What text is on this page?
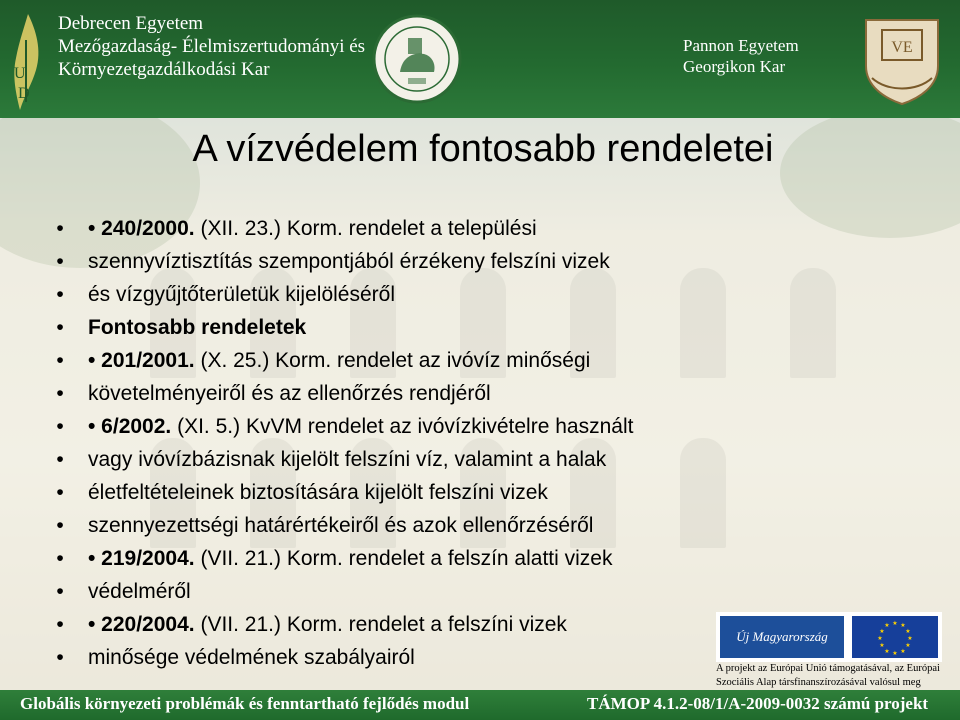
U
D
Debrecen Egyetem
Mezőgazdaság- Élelmiszertudományi és
Környezetgazdálkodási Kar
Pannon Egyetem
Georgikon Kar
VE
A vízvédelem fontosabb rendeletei
•	• 240/2000. (XII. 23.) Korm. rendelet a települési
•	szennyvíztisztítás szempontjából érzékeny felszíni vizek
•	és vízgyűjtőterületük kijelöléséről
•	Fontosabb rendeletek
•	• 201/2001. (X. 25.) Korm. rendelet az ivóvíz minőségi
•	követelményeiről és az ellenőrzés rendjéről
•	• 6/2002. (XI. 5.) KvVM rendelet az ivóvízkivételre használt
•	vagy ivóvízbázisnak kijelölt felszíni víz, valamint a halak
•	életfeltételeinek biztosítására kijelölt felszíni vizek
•	szennyezettségi határértékeiről és azok ellenőrzéséről
•	• 219/2004. (VII. 21.) Korm. rendelet a felszín alatti vizek
•	védelméről
•	• 220/2004. (VII. 21.) Korm. rendelet a felszíni vizek
•	minősége védelmének szabályairól
Új Magyarország
★ ★
★
★
★
★
★
★
★
★
★
★
A projekt az Európai Unió támogatásával, az Európai
Szociális Alap társfinanszírozásával valósul meg
Globális környezeti problémák és fenntartható fejlődés modul	TÁMOP 4.1.2-08/1/A-2009-0032 számú projekt
